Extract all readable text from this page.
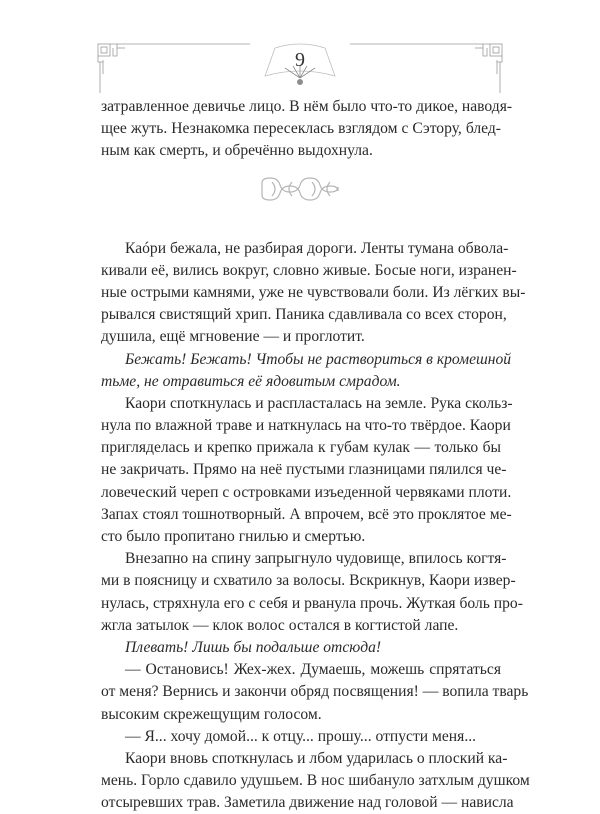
9
затравленное девичье лицо. В нём было что-то дикое, наводя-
щее жуть. Незнакомка пересеклась взглядом с Сэтору, блед-
ным как смерть, и обречённо выдохнула.
Каóри бежала, не разбирая дороги. Ленты тумана обвола-
кивали её, вились вокруг, словно живые. Босые ноги, изранен-
ные острыми камнями, уже не чувствовали боли. Из лёгких вы-
рывался свистящий хрип. Паника сдавливала со всех сторон,
душила, ещё мгновение — и проглотит.
Бежать! Бежать! Чтобы не раствориться в кромешной
тьме, не отравиться её ядовитым смрадом.
Каори споткнулась и распласталась на земле. Рука скольз-
нула по влажной траве и наткнулась на что-то твёрдое. Каори
пригляделась и крепко прижала к губам кулак — только бы
не закричать. Прямо на неё пустыми глазницами пялился че-
ловеческий череп с островками изъеденной червяками плоти.
Запах стоял тошнотворный. А впрочем, всё это проклятое ме-
сто было пропитано гнилью и смертью.
Внезапно на спину запрыгнуло чудовище, впилось когтя-
ми в поясницу и схватило за волосы. Вскрикнув, Каори извер-
нулась, стряхнула его с себя и рванула прочь. Жуткая боль про-
жгла затылок — клок волос остался в когтистой лапе.
Плевать! Лишь бы подальше отсюда!
— Остановись! Жех-жех. Думаешь, можешь спрятаться
от меня? Вернись и закончи обряд посвящения! — вопила тварь
высоким скрежещущим голосом.
— Я... хочу домой... к отцу... прошу... отпусти меня...
Каори вновь споткнулась и лбом ударилась о плоский ка-
мень. Горло сдавило удушьем. В нос шибануло затхлым душком
отсыревших трав. Заметила движение над головой — нависла
